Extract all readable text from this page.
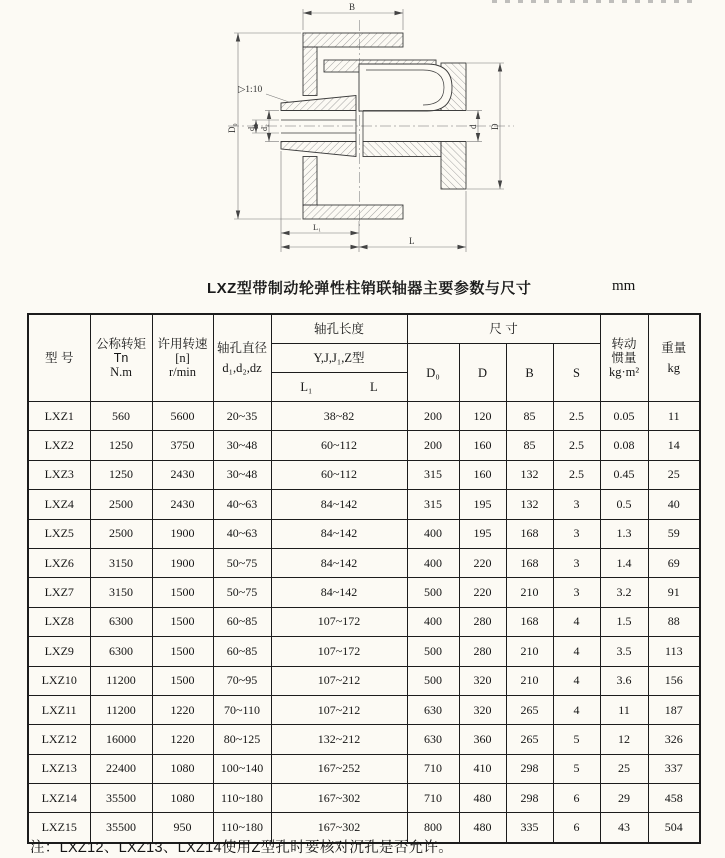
B
▷1:10
D₀ d₁ d₂	d D
L₁
L
LXZ型带制动轮弹性柱销联轴器主要参数与尺寸	mm
型 号	公称转矩Tn
N.m	许用转速
[n]
r/min	轴孔直径
d₁,d₂,dz	轴孔长度	尺 寸				转动
惯量
kg·m²	重量
kg

				Y,J,J₁,Z型	D₀	D	B	S		

				L₁ L						

LXZ1	560	5600	20~35	38~82	200	120	85	2.5	0.05	11
LXZ2	1250	3750	30~48	60~112	200	160	85	2.5	0.08	14
LXZ3	1250	2430	30~48	60~112	315	160	132	2.5	0.45	25
LXZ4	2500	2430	40~63	84~142	315	195	132	3	0.5	40
LXZ5	2500	1900	40~63	84~142	400	195	168	3	1.3	59
LXZ6	3150	1900	50~75	84~142	400	220	168	3	1.4	69
LXZ7	3150	1500	50~75	84~142	500	220	210	3	3.2	91
LXZ8	6300	1500	60~85	107~172	400	280	168	4	1.5	88
LXZ9	6300	1500	60~85	107~172	500	280	210	4	3.5	113
LXZ10	11200	1500	70~95	107~212	500	320	210	4	3.6	156
LXZ11	11200	1220	70~110	107~212	630	320	265	4	11	187
LXZ12	16000	1220	80~125	132~212	630	360	265	5	12	326
LXZ13	22400	1080	100~140	167~252	710	410	298	5	25	337
LXZ14	35500	1080	110~180	167~302	710	480	298	6	29	458
LXZ15	35500	950	110~180	167~302	800	480	335	6	43	504
注：LXZ12、LXZ13、LXZ14使用Z型孔时要核对沉孔是否允许。
